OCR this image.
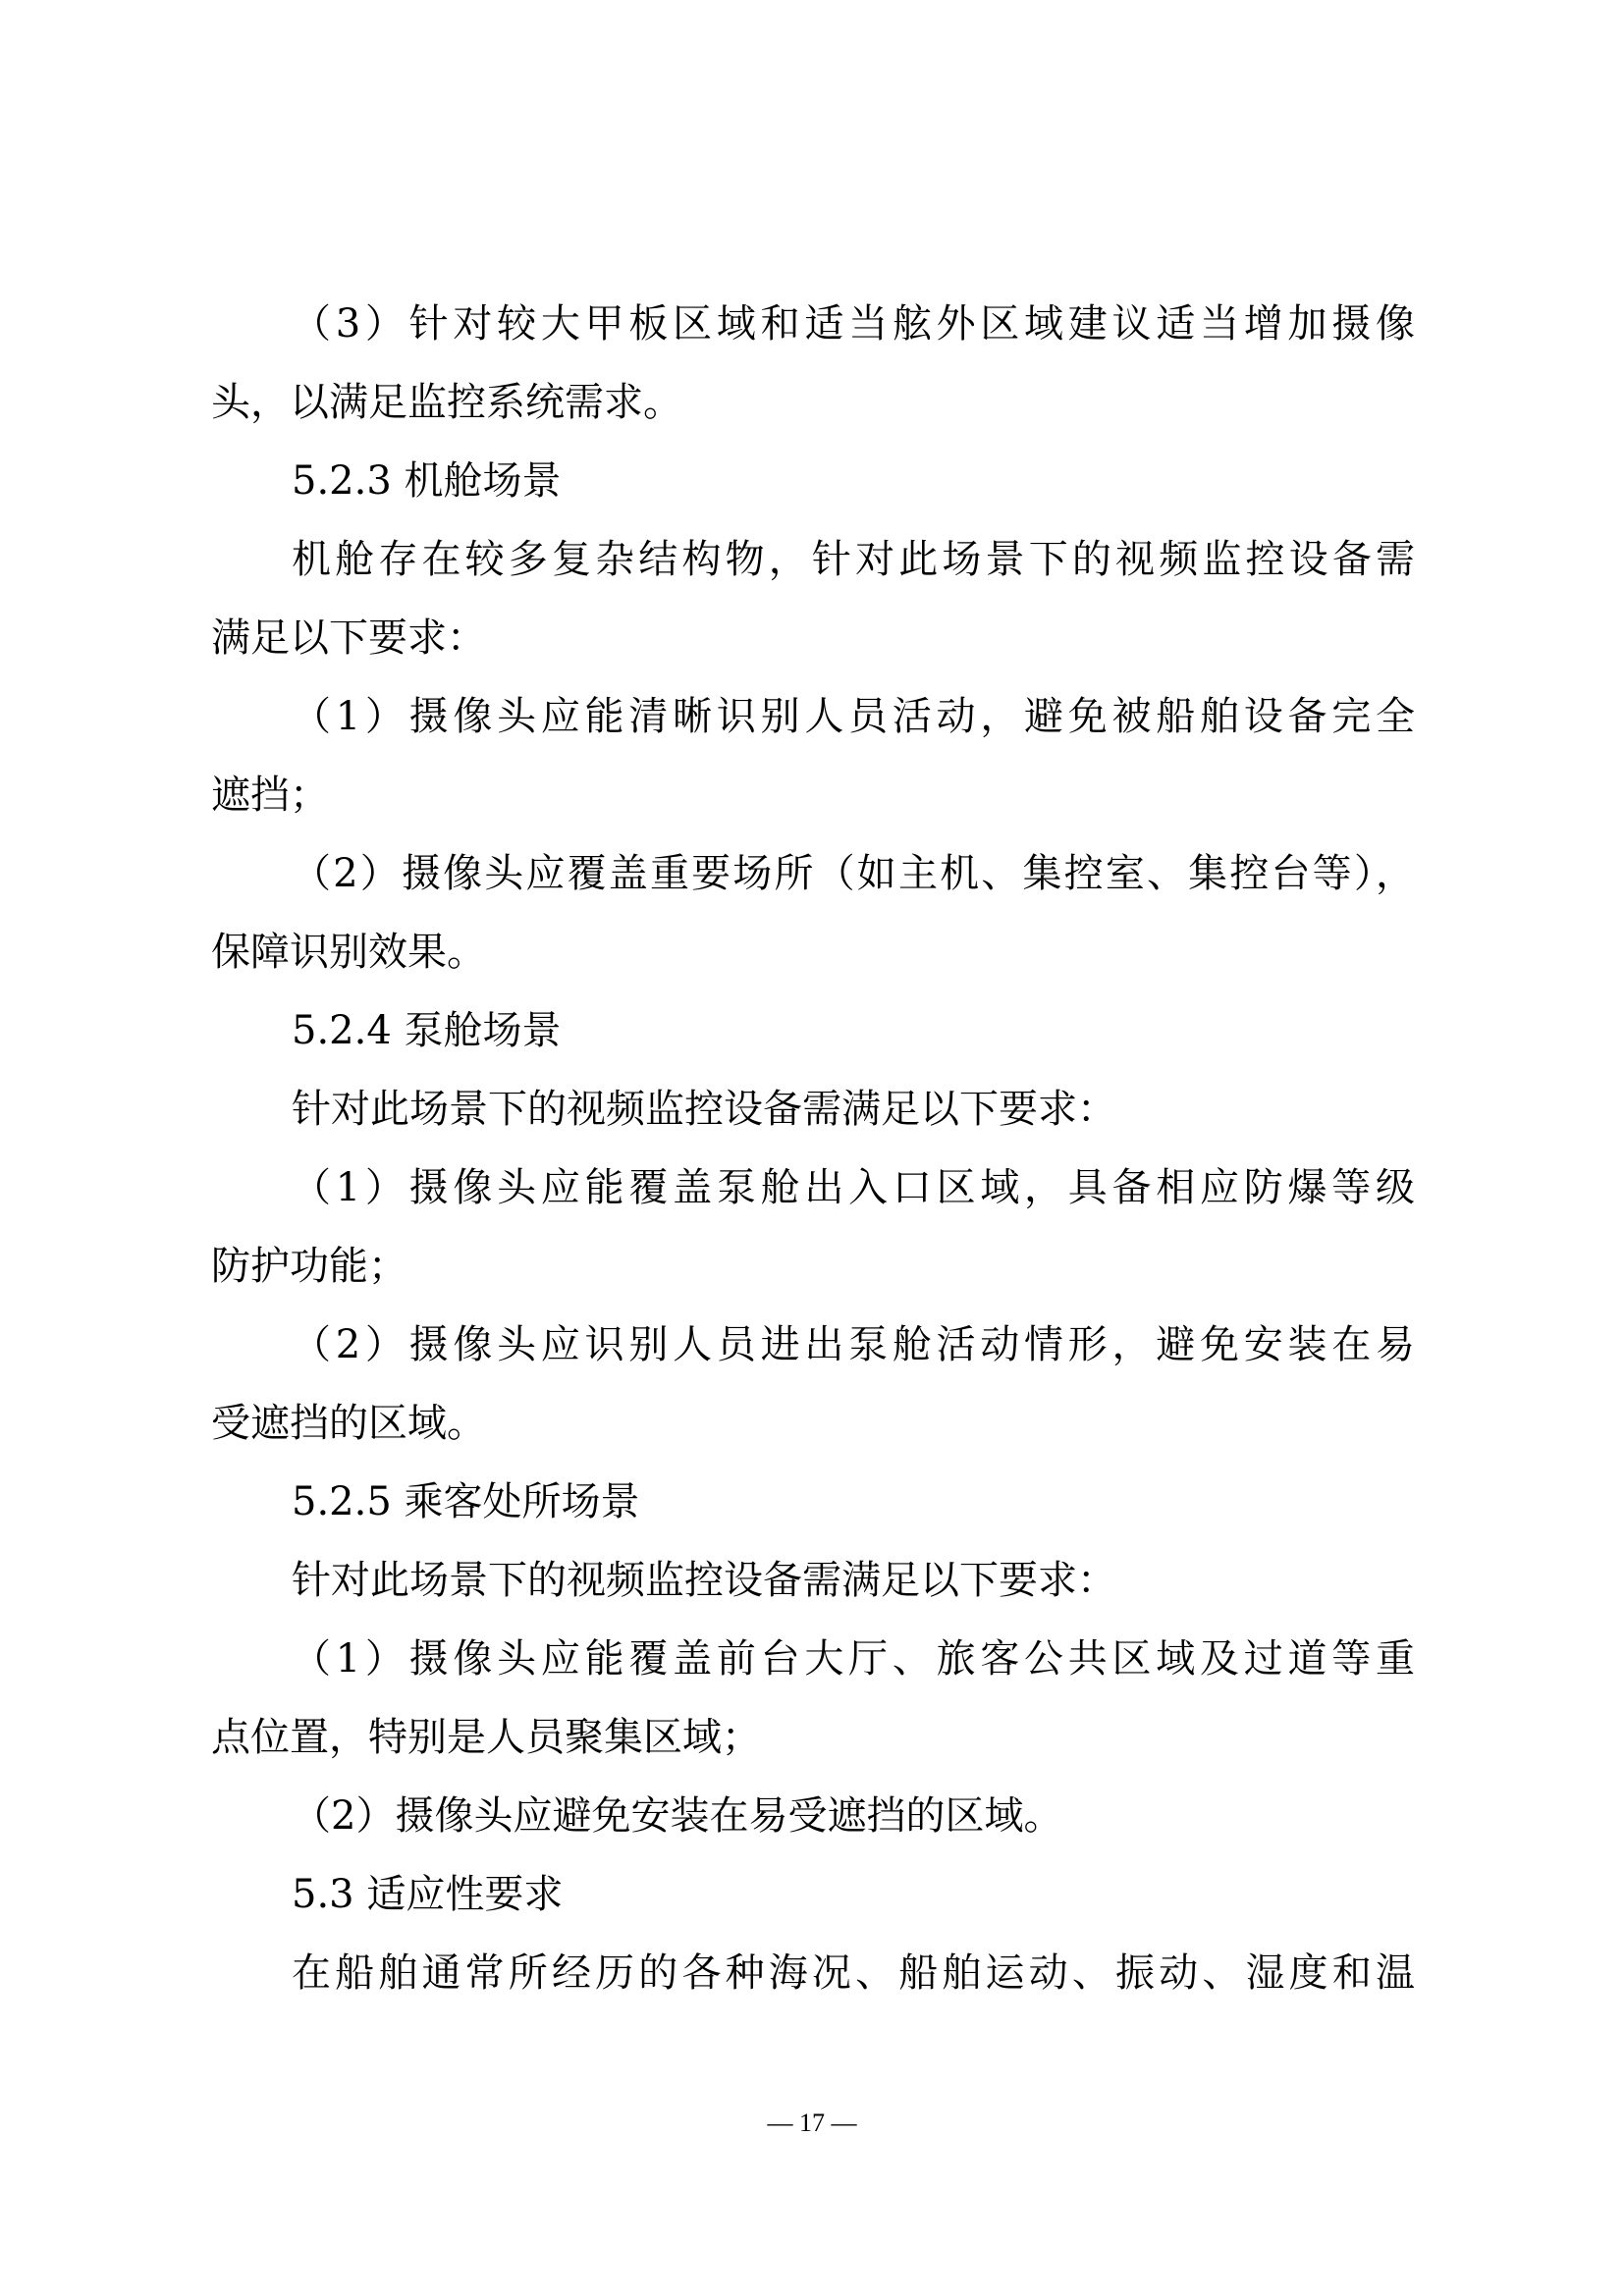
（3）针对较大甲板区域和适当舷外区域建议适当增加摄像
头，以满足监控系统需求。
5.2.3 机舱场景
机舱存在较多复杂结构物，针对此场景下的视频监控设备需
满足以下要求：
（1）摄像头应能清晰识别人员活动，避免被船舶设备完全
遮挡；
（2）摄像头应覆盖重要场所（如主机、集控室、集控台等），
保障识别效果。
5.2.4 泵舱场景
针对此场景下的视频监控设备需满足以下要求：
（1）摄像头应能覆盖泵舱出入口区域，具备相应防爆等级
防护功能；
（2）摄像头应识别人员进出泵舱活动情形，避免安装在易
受遮挡的区域。
5.2.5 乘客处所场景
针对此场景下的视频监控设备需满足以下要求：
（1）摄像头应能覆盖前台大厅、旅客公共区域及过道等重
点位置，特别是人员聚集区域；
（2）摄像头应避免安装在易受遮挡的区域。
5.3 适应性要求
在船舶通常所经历的各种海况、船舶运动、振动、湿度和温
— 17 —
